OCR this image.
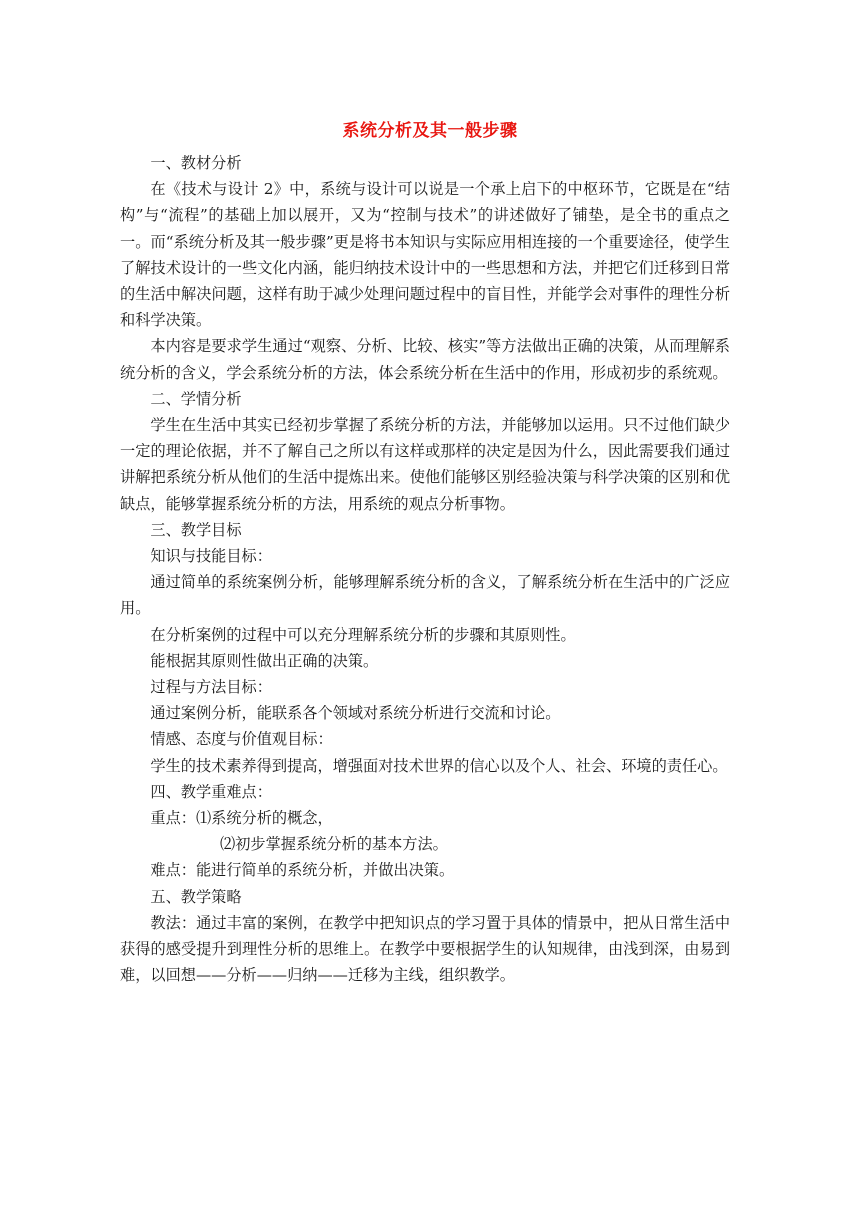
系统分析及其一般步骤

一、教材分析

在《技术与设计 2》中，系统与设计可以说是一个承上启下的中枢环节，它既是在“结构”与“流程”的基础上加以展开，又为“控制与技术”的讲述做好了铺垫，是全书的重点之一。而“系统分析及其一般步骤”更是将书本知识与实际应用相连接的一个重要途径，使学生了解技术设计的一些文化内涵，能归纳技术设计中的一些思想和方法，并把它们迁移到日常的生活中解决问题，这样有助于减少处理问题过程中的盲目性，并能学会对事件的理性分析和科学决策。

本内容是要求学生通过“观察、分析、比较、核实”等方法做出正确的决策，从而理解系统分析的含义，学会系统分析的方法，体会系统分析在生活中的作用，形成初步的系统观。

二、学情分析

学生在生活中其实已经初步掌握了系统分析的方法，并能够加以运用。只不过他们缺少一定的理论依据，并不了解自己之所以有这样或那样的决定是因为什么，因此需要我们通过讲解把系统分析从他们的生活中提炼出来。使他们能够区别经验决策与科学决策的区别和优缺点，能够掌握系统分析的方法，用系统的观点分析事物。

三、教学目标

知识与技能目标：

通过简单的系统案例分析，能够理解系统分析的含义，了解系统分析在生活中的广泛应用。

在分析案例的过程中可以充分理解系统分析的步骤和其原则性。

能根据其原则性做出正确的决策。

过程与方法目标：

通过案例分析，能联系各个领域对系统分析进行交流和讨论。

情感、态度与价值观目标：

学生的技术素养得到提高，增强面对技术世界的信心以及个人、社会、环境的责任心。

四、教学重难点：

重点：⑴系统分析的概念，

⑵初步掌握系统分析的基本方法。

难点：能进行简单的系统分析，并做出决策。

五、教学策略

教法：通过丰富的案例，在教学中把知识点的学习置于具体的情景中，把从日常生活中获得的感受提升到理性分析的思维上。在教学中要根据学生的认知规律，由浅到深，由易到难，以回想——分析——归纳——迁移为主线，组织教学。
